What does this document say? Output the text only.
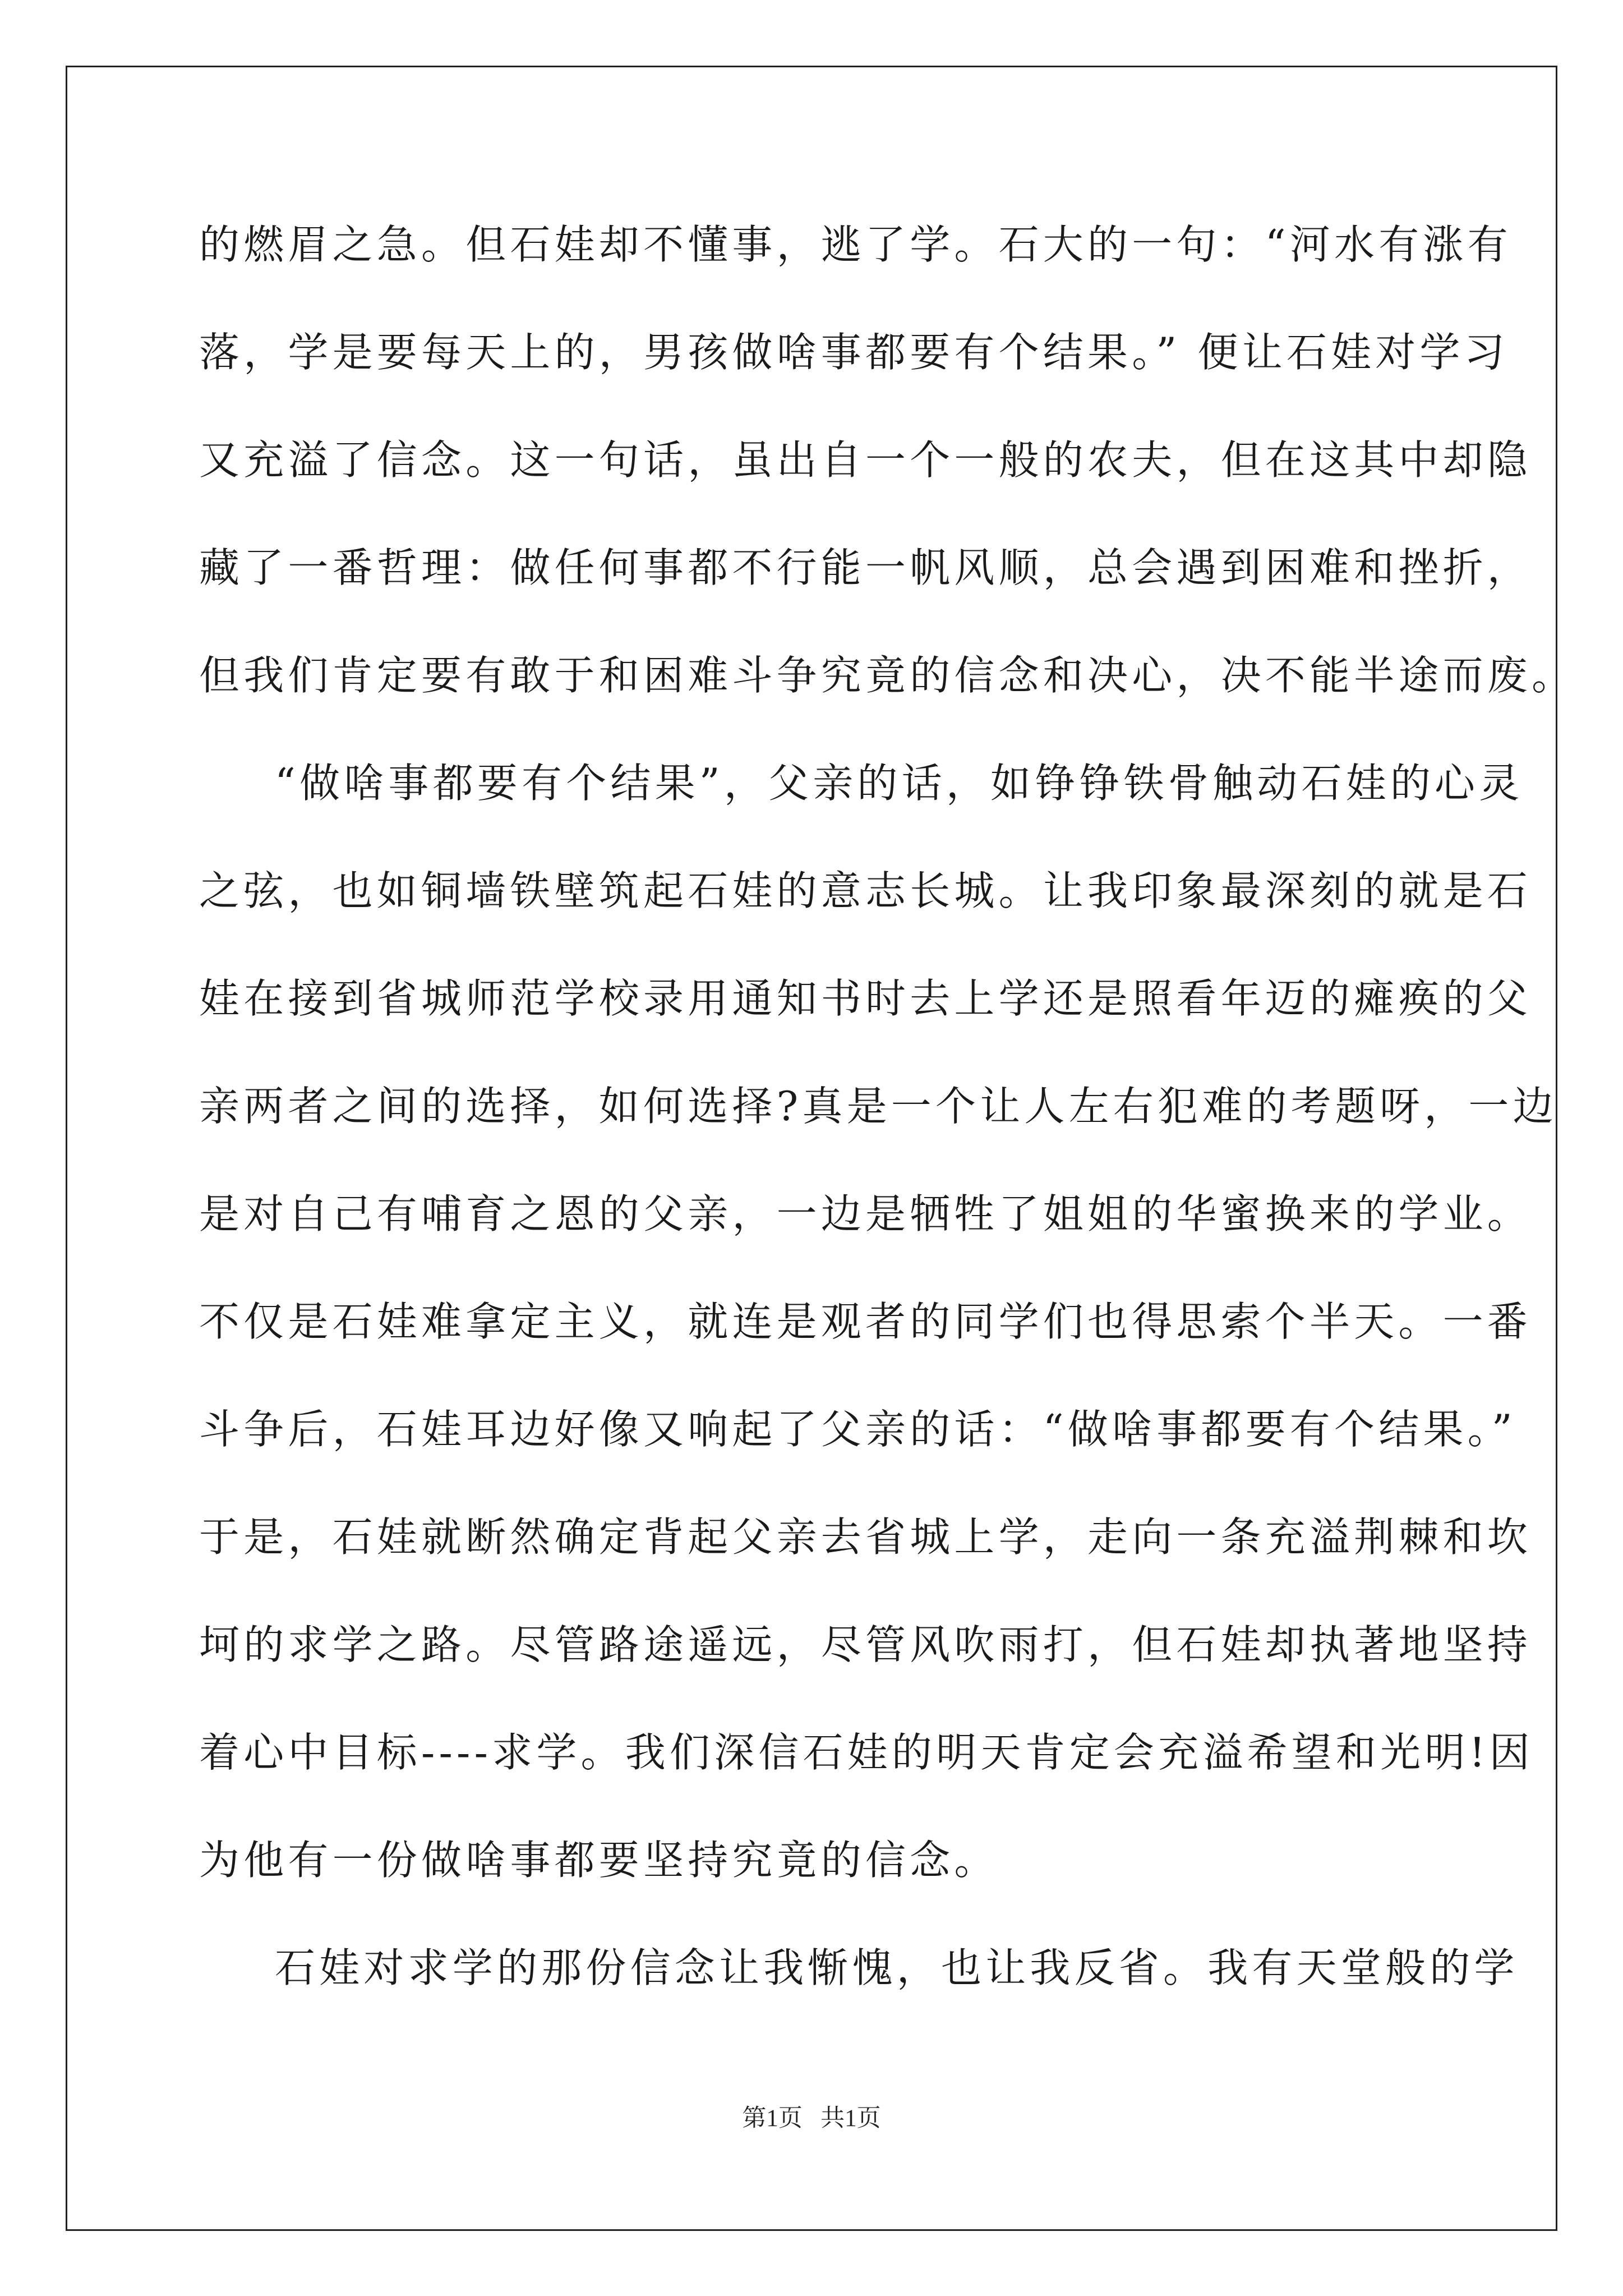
的燃眉之急。但石娃却不懂事，逃了学。石大的一句：“河水有涨有
落，学是要每天上的，男孩做啥事都要有个结果。” 便让石娃对学习
又充溢了信念。这一句话，虽出自一个一般的农夫，但在这其中却隐
藏了一番哲理：做任何事都不行能一帆风顺，总会遇到困难和挫折，
但我们肯定要有敢于和困难斗争究竟的信念和决心，决不能半途而废。
“做啥事都要有个结果”，父亲的话，如铮铮铁骨触动石娃的心灵
之弦，也如铜墙铁壁筑起石娃的意志长城。让我印象最深刻的就是石
娃在接到省城师范学校录用通知书时去上学还是照看年迈的瘫痪的父
亲两者之间的选择，如何选择?真是一个让人左右犯难的考题呀，一边
是对自己有哺育之恩的父亲，一边是牺牲了姐姐的华蜜换来的学业。
不仅是石娃难拿定主义，就连是观者的同学们也得思索个半天。一番
斗争后，石娃耳边好像又响起了父亲的话：“做啥事都要有个结果。”
于是，石娃就断然确定背起父亲去省城上学，走向一条充溢荆棘和坎
坷的求学之路。尽管路途遥远，尽管风吹雨打，但石娃却执著地坚持
着心中目标----求学。我们深信石娃的明天肯定会充溢希望和光明!因
为他有一份做啥事都要坚持究竟的信念。
石娃对求学的那份信念让我惭愧，也让我反省。我有天堂般的学
第1页   共1页
